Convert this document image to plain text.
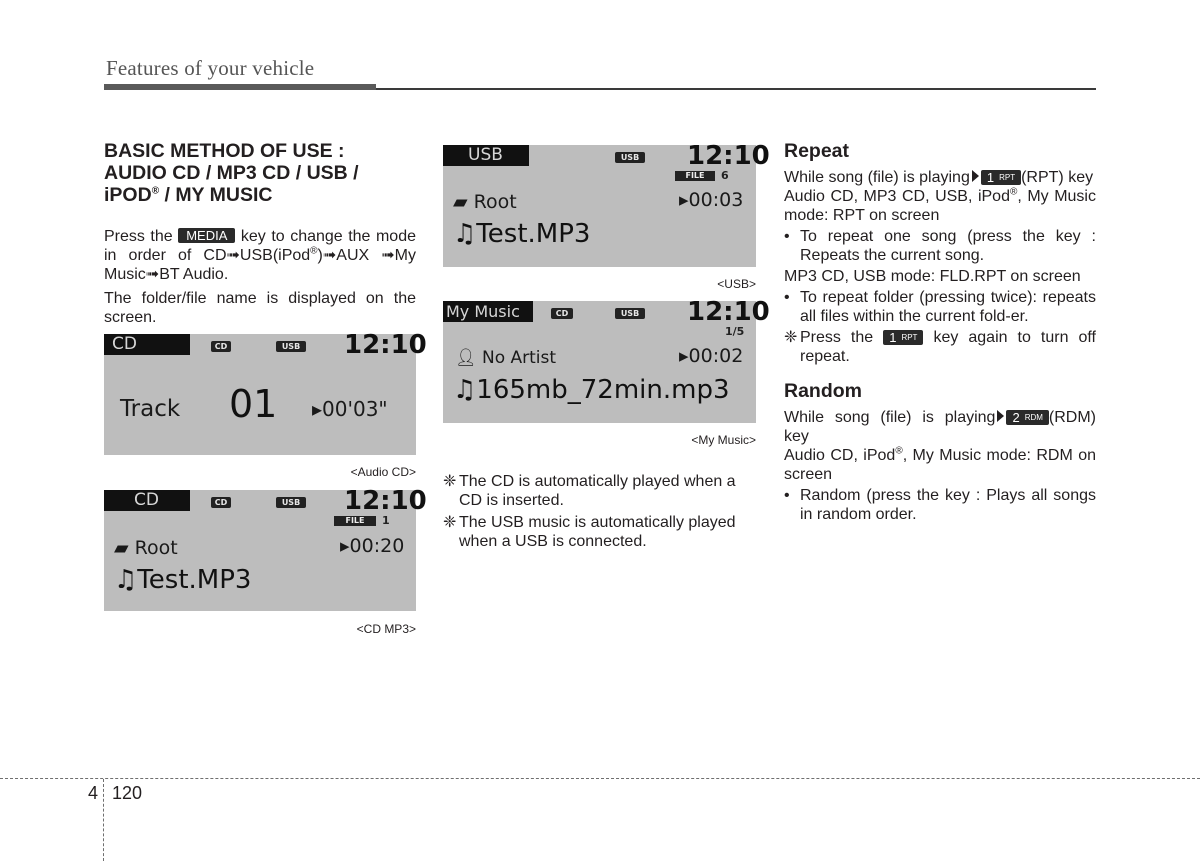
Features of your vehicle
BASIC METHOD OF USE :
AUDIO CD / MP3 CD / USB /
iPOD® / MY MUSIC

Press the MEDIA key to change the mode in order of CD➟USB(iPod®)➟AUX ➟My Music➟BT Audio.

The folder/file name is displayed on the screen.

CD	CD	USB 12:10
Track 01 ▸00'03"
<Audio CD>
CD	CD	USB 12:10
FILE	1
▰ Root	▸00:20
♫Test.MP3
<CD MP3>
USB	USB 12:10
FILE	6
▰ Root	▸00:03
♫Test.MP3
<USB>
My Music	CD	USB 12:10
1/5
👤︎ No Artist	▸00:02
♫165mb_72min.mp3
<My Music>
❈ The CD is automatically played when a CD is inserted.
❈ The USB music is automatically played when a USB is connected.
Repeat

While song (file) is playing 1 RPT (RPT) key

Audio CD, MP3 CD, USB, iPod®, My Music mode: RPT on screen

• To repeat one song (press the key : Repeats the current song.

MP3 CD, USB mode: FLD.RPT on screen

• To repeat folder (pressing twice): repeats all files within the current fold-er.
❈ Press the 1 RPT key again to turn off repeat.
Random

While song (file) is playing 2 RDM (RDM) key

Audio CD, iPod®, My Music mode: RDM on screen

• Random (press the key : Plays all songs in random order.
4 120
